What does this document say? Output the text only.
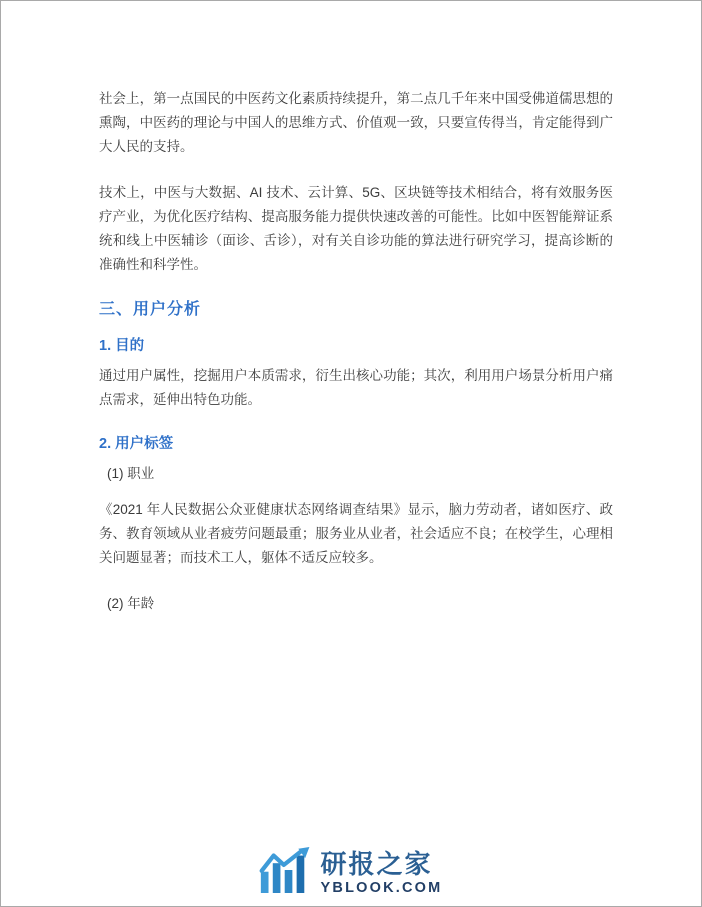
社会上，第一点国民的中医药文化素质持续提升，第二点几千年来中国受佛道儒思想的熏陶，中医药的理论与中国人的思维方式、价值观一致，只要宣传得当，肯定能得到广大人民的支持。

技术上，中医与大数据、AI 技术、云计算、5G、区块链等技术相结合，将有效服务医疗产业，为优化医疗结构、提高服务能力提供快速改善的可能性。比如中医智能辩证系统和线上中医辅诊（面诊、舌诊），对有关自诊功能的算法进行研究学习，提高诊断的准确性和科学性。

三、用户分析
1. 目的

通过用户属性，挖掘用户本质需求，衍生出核心功能；其次，利用用户场景分析用户痛点需求，延伸出特色功能。

2. 用户标签

(1) 职业

《2021 年人民数据公众亚健康状态网络调查结果》显示，脑力劳动者，诸如医疗、政务、教育领域从业者疲劳问题最重；服务业从业者，社会适应不良；在校学生，心理相关问题显著；而技术工人，躯体不适反应较多。

(2) 年龄

研报之家
YBLOOK.COM
